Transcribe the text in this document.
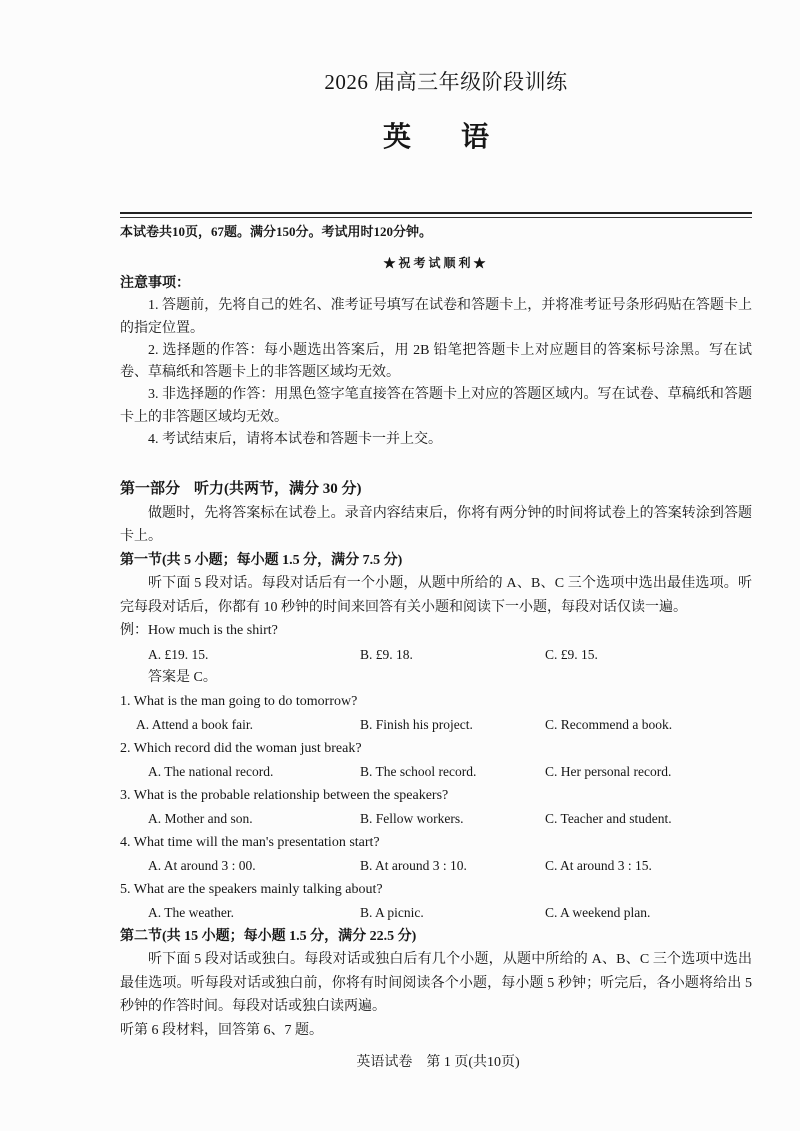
2026 届高三年级阶段训练
英语
本试卷共10页，67题。满分150分。考试用时120分钟。
★祝考试顺利★

注意事项：

1. 答题前，先将自己的姓名、准考证号填写在试卷和答题卡上，并将准考证号条形码贴在答题卡上的指定位置。

2. 选择题的作答：每小题选出答案后，用 2B 铅笔把答题卡上对应题目的答案标号涂黑。写在试卷、草稿纸和答题卡上的非答题区域均无效。

3. 非选择题的作答：用黑色签字笔直接答在答题卡上对应的答题区域内。写在试卷、草稿纸和答题卡上的非答题区域均无效。

4. 考试结束后，请将本试卷和答题卡一并上交。

第一部分 听力(共两节，满分 30 分)

做题时，先将答案标在试卷上。录音内容结束后，你将有两分钟的时间将试卷上的答案转涂到答题卡上。

第一节(共 5 小题；每小题 1.5 分，满分 7.5 分)

听下面 5 段对话。每段对话后有一个小题，从题中所给的 A、B、C 三个选项中选出最佳选项。听完每段对话后，你都有 10 秒钟的时间来回答有关小题和阅读下一小题，每段对话仅读一遍。

例：How much is the shirt?

A. £19. 15.	B. £9. 18.	C. £9. 15.

答案是 C。

1. What is the man going to do tomorrow?

A. Attend a book fair.	B. Finish his project.	C. Recommend a book.

2. Which record did the woman just break?

A. The national record.	B. The school record.	C. Her personal record.

3. What is the probable relationship between the speakers?

A. Mother and son.	B. Fellow workers.	C. Teacher and student.

4. What time will the man's presentation start?

A. At around 3 : 00.	B. At around 3 : 10.	C. At around 3 : 15.

5. What are the speakers mainly talking about?

A. The weather.	B. A picnic.	C. A weekend plan.

第二节(共 15 小题；每小题 1.5 分，满分 22.5 分)

听下面 5 段对话或独白。每段对话或独白后有几个小题，从题中所给的 A、B、C 三个选项中选出最佳选项。听每段对话或独白前，你将有时间阅读各个小题，每小题 5 秒钟；听完后，各小题将给出 5 秒钟的作答时间。每段对话或独白读两遍。

听第 6 段材料，回答第 6、7 题。

英语试卷 第 1 页(共10页)
